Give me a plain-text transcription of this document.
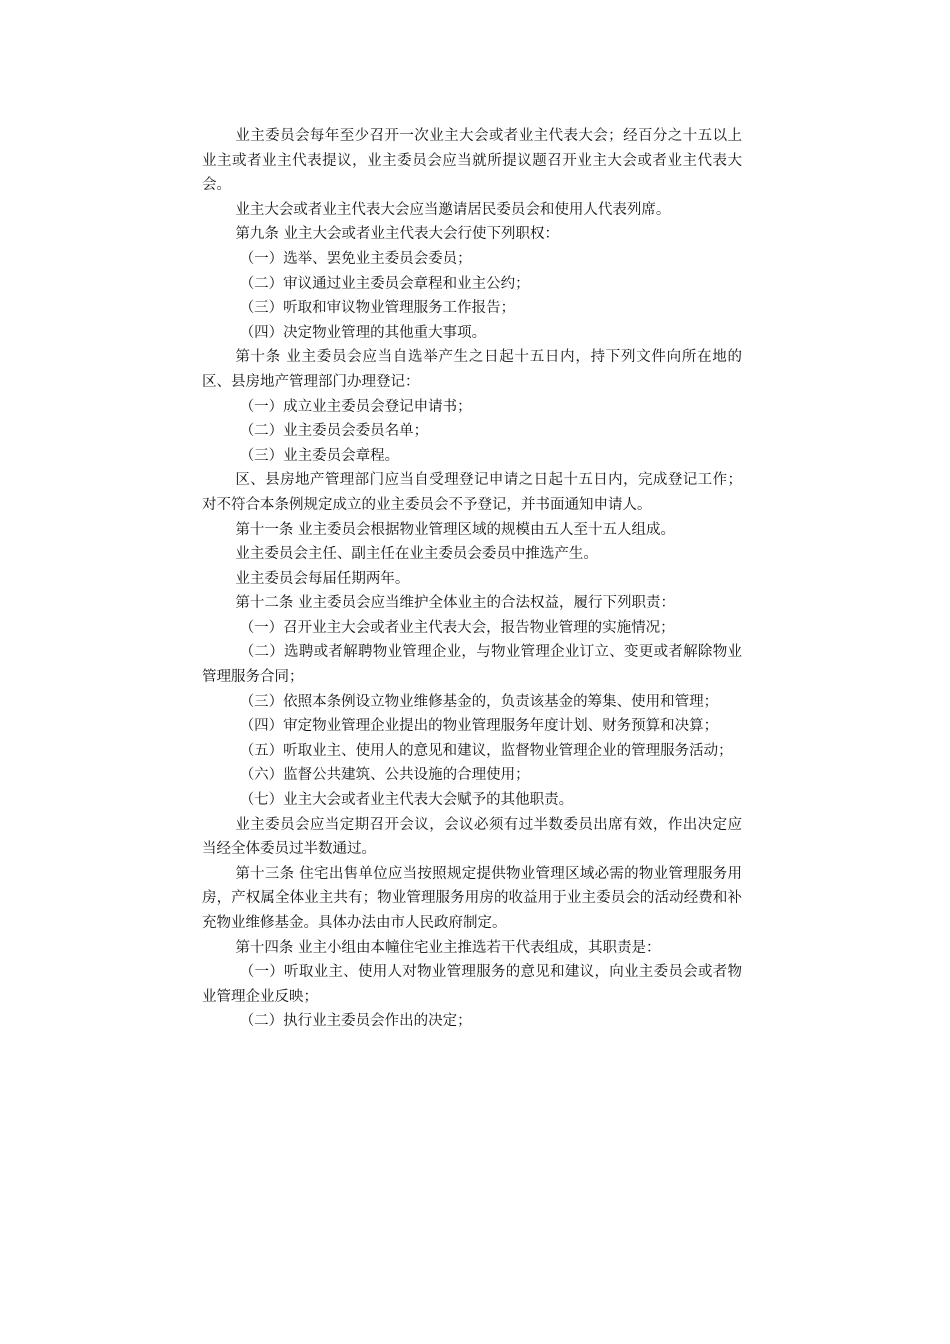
业主委员会每年至少召开一次业主大会或者业主代表大会；经百分之十五以上业主或者业主代表提议，业主委员会应当就所提议题召开业主大会或者业主代表大会。

业主大会或者业主代表大会应当邀请居民委员会和使用人代表列席。

第九条 业主大会或者业主代表大会行使下列职权：

（一）选举、罢免业主委员会委员；

（二）审议通过业主委员会章程和业主公约；

（三）听取和审议物业管理服务工作报告；

（四）决定物业管理的其他重大事项。

第十条 业主委员会应当自选举产生之日起十五日内，持下列文件向所在地的区、县房地产管理部门办理登记：

（一）成立业主委员会登记申请书；

（二）业主委员会委员名单；

（三）业主委员会章程。

区、县房地产管理部门应当自受理登记申请之日起十五日内，完成登记工作；对不符合本条例规定成立的业主委员会不予登记，并书面通知申请人。

第十一条 业主委员会根据物业管理区域的规模由五人至十五人组成。

业主委员会主任、副主任在业主委员会委员中推选产生。

业主委员会每届任期两年。

第十二条 业主委员会应当维护全体业主的合法权益，履行下列职责：

（一）召开业主大会或者业主代表大会，报告物业管理的实施情况；

（二）选聘或者解聘物业管理企业，与物业管理企业订立、变更或者解除物业管理服务合同；

（三）依照本条例设立物业维修基金的，负责该基金的筹集、使用和管理；

（四）审定物业管理企业提出的物业管理服务年度计划、财务预算和决算；

（五）听取业主、使用人的意见和建议，监督物业管理企业的管理服务活动；

（六）监督公共建筑、公共设施的合理使用；

（七）业主大会或者业主代表大会赋予的其他职责。

业主委员会应当定期召开会议，会议必须有过半数委员出席有效，作出决定应当经全体委员过半数通过。

第十三条 住宅出售单位应当按照规定提供物业管理区域必需的物业管理服务用房，产权属全体业主共有；物业管理服务用房的收益用于业主委员会的活动经费和补充物业维修基金。具体办法由市人民政府制定。

第十四条 业主小组由本幢住宅业主推选若干代表组成，其职责是：

（一）听取业主、使用人对物业管理服务的意见和建议，向业主委员会或者物业管理企业反映；

（二）执行业主委员会作出的决定；
